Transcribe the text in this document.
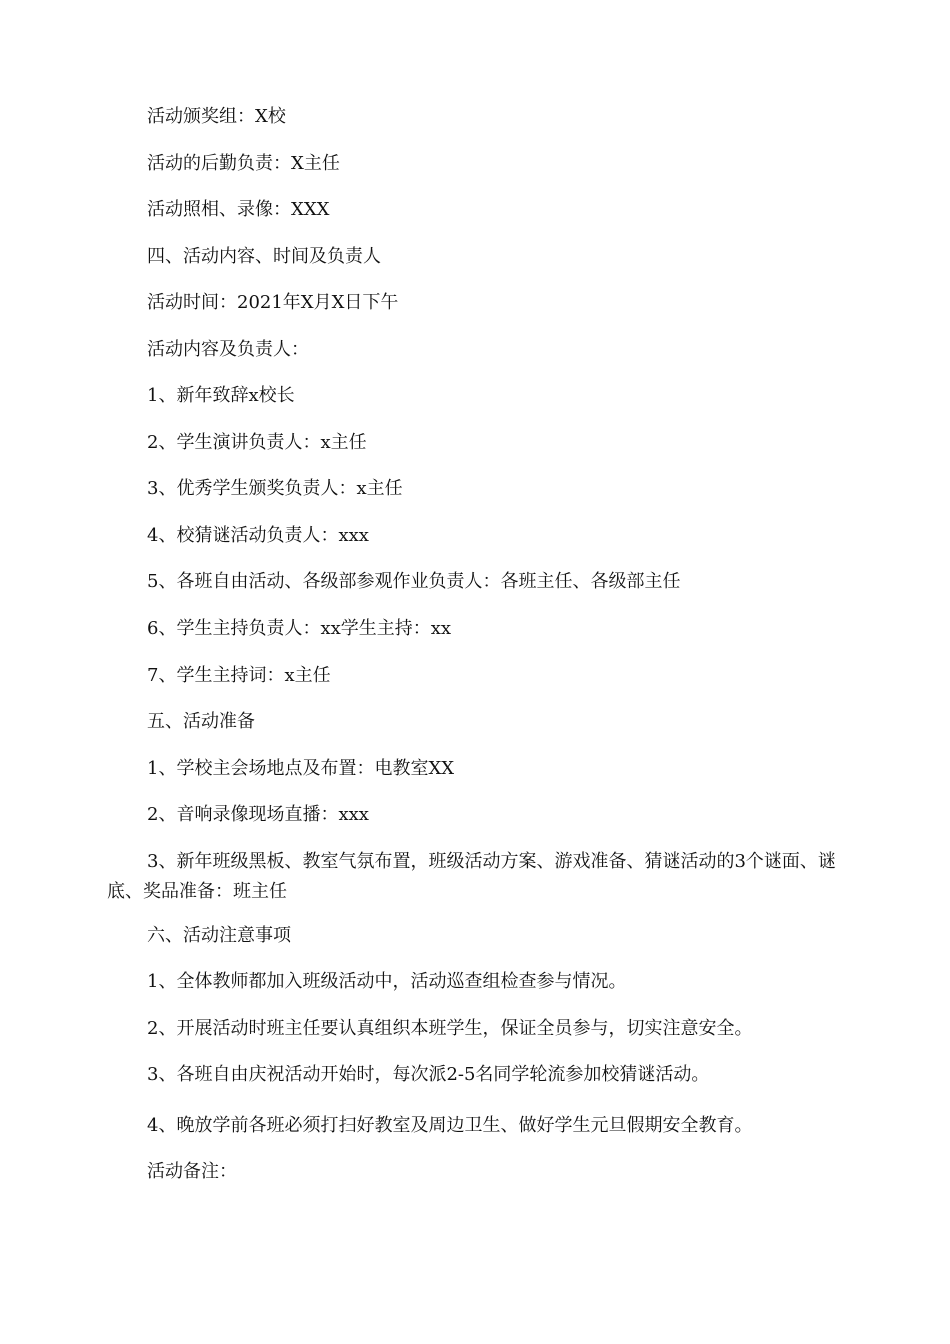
活动颁奖组：X校

活动的后勤负责：X主任

活动照相、录像：XXX

四、活动内容、时间及负责人

活动时间：2021年X月X日下午

活动内容及负责人：

1、新年致辞x校长

2、学生演讲负责人：x主任

3、优秀学生颁奖负责人：x主任

4、校猜谜活动负责人：xxx

5、各班自由活动、各级部参观作业负责人：各班主任、各级部主任

6、学生主持负责人：xx学生主持：xx

7、学生主持词：x主任

五、活动准备

1、学校主会场地点及布置：电教室XX

2、音响录像现场直播：xxx

3、新年班级黑板、教室气氛布置，班级活动方案、游戏准备、猜谜活动的3个谜面、谜底、奖品准备：班主任

六、活动注意事项

1、全体教师都加入班级活动中，活动巡查组检查参与情况。

2、开展活动时班主任要认真组织本班学生，保证全员参与，切实注意安全。

3、各班自由庆祝活动开始时，每次派2-5名同学轮流参加校猜谜活动。

4、晚放学前各班必须打扫好教室及周边卫生、做好学生元旦假期安全教育。

活动备注：
